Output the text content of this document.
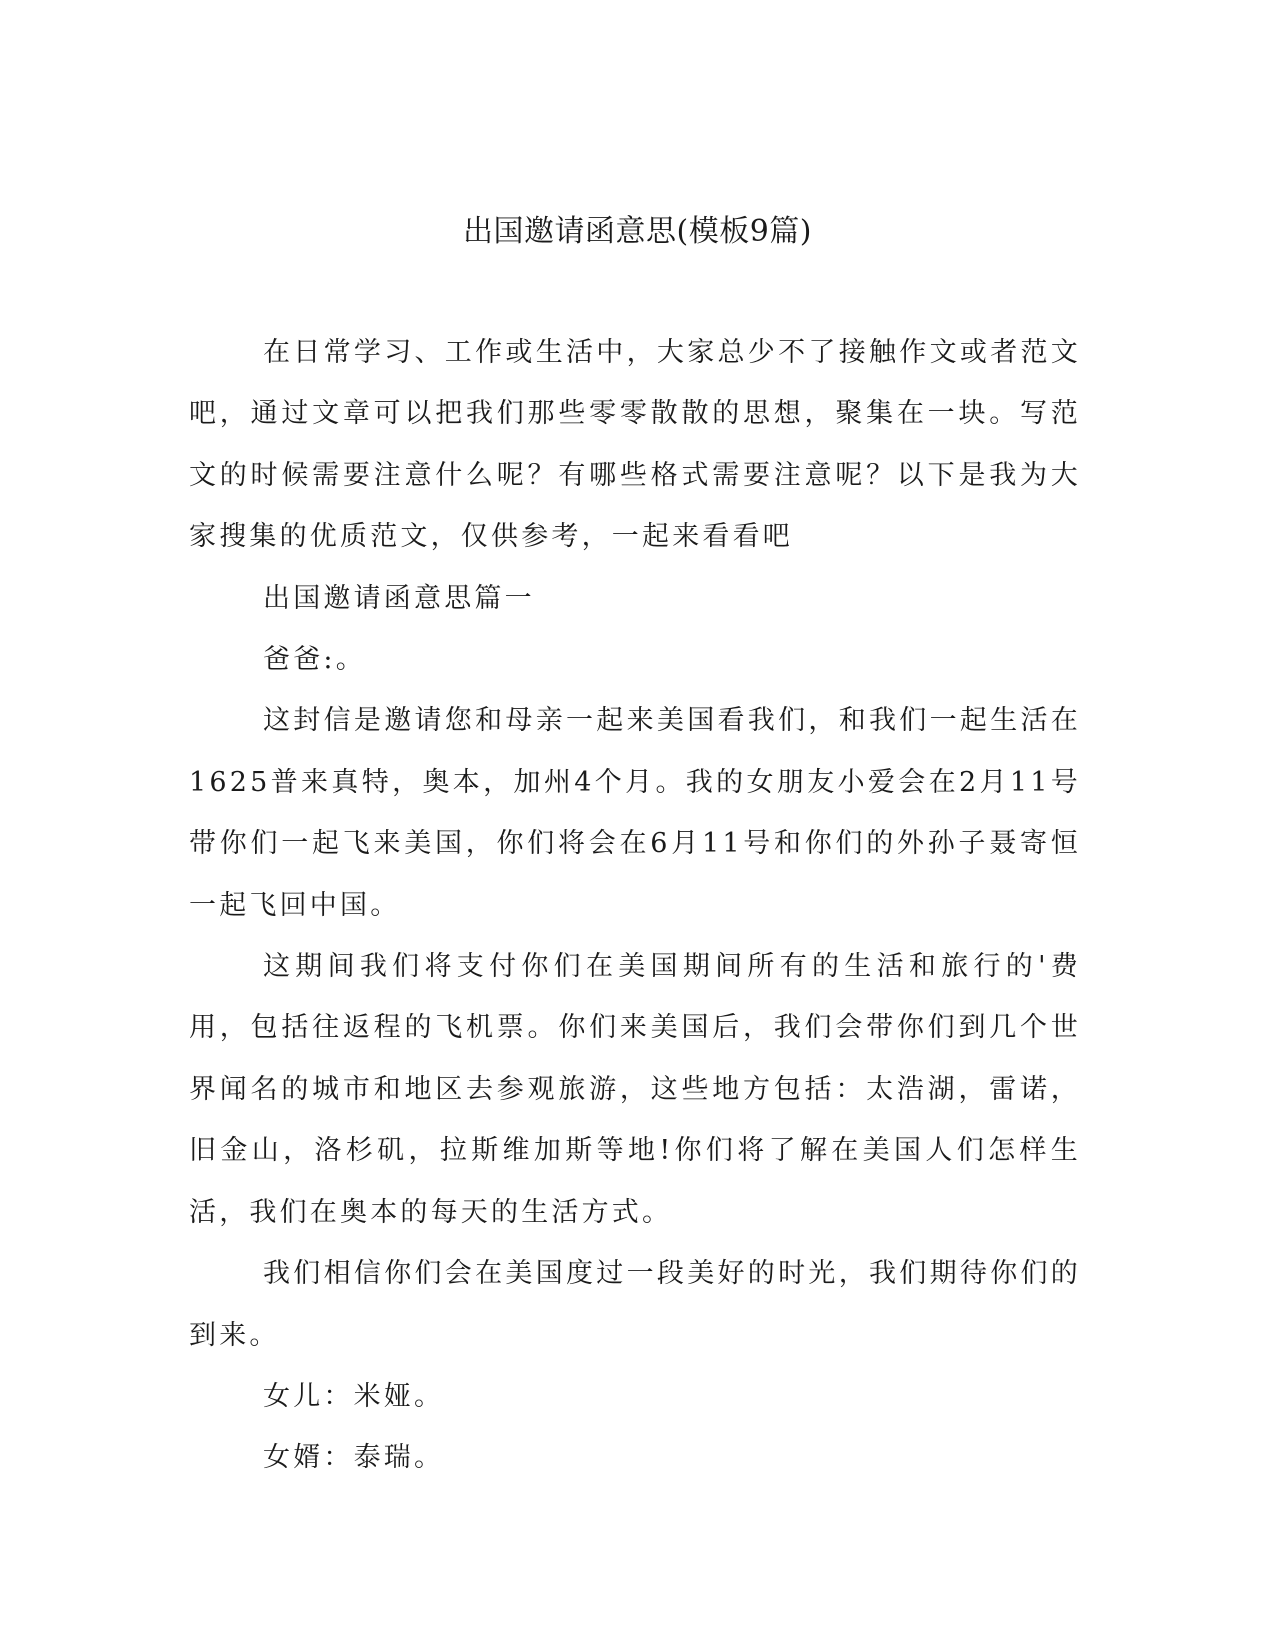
出国邀请函意思(模板9篇)

在日常学习、工作或生活中，大家总少不了接触作文或者范文吧，通过文章可以把我们那些零零散散的思想，聚集在一块。写范文的时候需要注意什么呢？有哪些格式需要注意呢？以下是我为大家搜集的优质范文，仅供参考，一起来看看吧

出国邀请函意思篇一

爸爸:。

这封信是邀请您和母亲一起来美国看我们，和我们一起生活在1625普来真特，奥本，加州4个月。我的女朋友小爱会在2月11号带你们一起飞来美国，你们将会在6月11号和你们的外孙子聂寄恒一起飞回中国。

这期间我们将支付你们在美国期间所有的生活和旅行的'费用，包括往返程的飞机票。你们来美国后，我们会带你们到几个世界闻名的城市和地区去参观旅游，这些地方包括：太浩湖，雷诺，旧金山，洛杉矶，拉斯维加斯等地!你们将了解在美国人们怎样生活，我们在奥本的每天的生活方式。

我们相信你们会在美国度过一段美好的时光，我们期待你们的到来。

女儿：米娅。

女婿：泰瑞。
